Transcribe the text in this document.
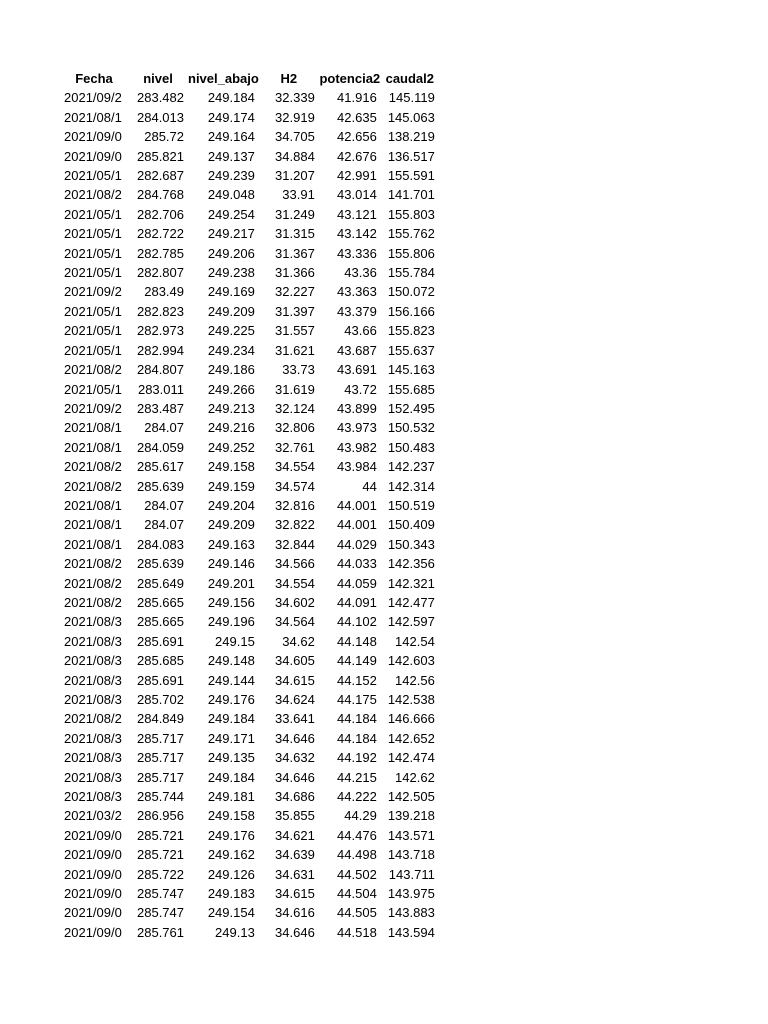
Fecha	nivel	nivel_abajo	H2	potencia2	caudal2
2021/09/2	283.482	249.184	32.339	41.916	145.119
2021/08/1	284.013	249.174	32.919	42.635	145.063
2021/09/0	285.72	249.164	34.705	42.656	138.219
2021/09/0	285.821	249.137	34.884	42.676	136.517
2021/05/1	282.687	249.239	31.207	42.991	155.591
2021/08/2	284.768	249.048	33.91	43.014	141.701
2021/05/1	282.706	249.254	31.249	43.121	155.803
2021/05/1	282.722	249.217	31.315	43.142	155.762
2021/05/1	282.785	249.206	31.367	43.336	155.806
2021/05/1	282.807	249.238	31.366	43.36	155.784
2021/09/2	283.49	249.169	32.227	43.363	150.072
2021/05/1	282.823	249.209	31.397	43.379	156.166
2021/05/1	282.973	249.225	31.557	43.66	155.823
2021/05/1	282.994	249.234	31.621	43.687	155.637
2021/08/2	284.807	249.186	33.73	43.691	145.163
2021/05/1	283.011	249.266	31.619	43.72	155.685
2021/09/2	283.487	249.213	32.124	43.899	152.495
2021/08/1	284.07	249.216	32.806	43.973	150.532
2021/08/1	284.059	249.252	32.761	43.982	150.483
2021/08/2	285.617	249.158	34.554	43.984	142.237
2021/08/2	285.639	249.159	34.574	44	142.314
2021/08/1	284.07	249.204	32.816	44.001	150.519
2021/08/1	284.07	249.209	32.822	44.001	150.409
2021/08/1	284.083	249.163	32.844	44.029	150.343
2021/08/2	285.639	249.146	34.566	44.033	142.356
2021/08/2	285.649	249.201	34.554	44.059	142.321
2021/08/2	285.665	249.156	34.602	44.091	142.477
2021/08/3	285.665	249.196	34.564	44.102	142.597
2021/08/3	285.691	249.15	34.62	44.148	142.54
2021/08/3	285.685	249.148	34.605	44.149	142.603
2021/08/3	285.691	249.144	34.615	44.152	142.56
2021/08/3	285.702	249.176	34.624	44.175	142.538
2021/08/2	284.849	249.184	33.641	44.184	146.666
2021/08/3	285.717	249.171	34.646	44.184	142.652
2021/08/3	285.717	249.135	34.632	44.192	142.474
2021/08/3	285.717	249.184	34.646	44.215	142.62
2021/08/3	285.744	249.181	34.686	44.222	142.505
2021/03/2	286.956	249.158	35.855	44.29	139.218
2021/09/0	285.721	249.176	34.621	44.476	143.571
2021/09/0	285.721	249.162	34.639	44.498	143.718
2021/09/0	285.722	249.126	34.631	44.502	143.711
2021/09/0	285.747	249.183	34.615	44.504	143.975
2021/09/0	285.747	249.154	34.616	44.505	143.883
2021/09/0	285.761	249.13	34.646	44.518	143.594
